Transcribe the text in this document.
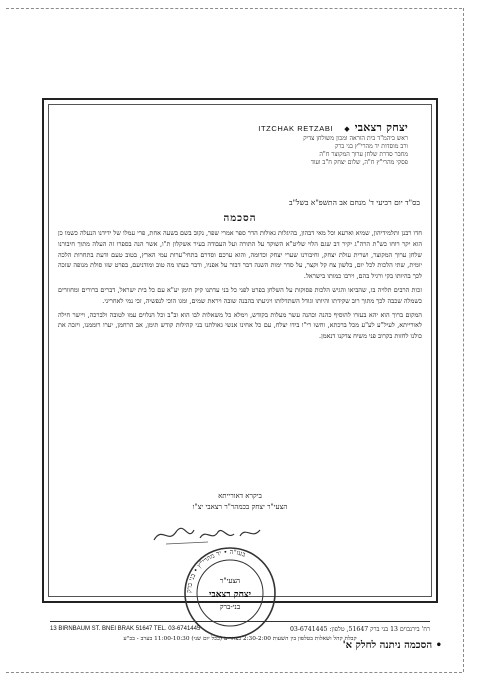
יצחק רצאבי ◆ ITZCHAK RETZABI
ראש ביהמ"ד בית הוראה ומכון משולחן צדיק
ורב מוסדות יד מהרי"ץ בני ברק
מחבר סדרת שלחן ערוך המקוצר ח"ה
פסקי מהרי"ץ ח"ה, שלום יצחק ח"ב ועוד
בס"ד יום רביעי ד' מנחם אב התשפ"א בשל"ב
הסכמה

חדו רבנן ותלמידיהון, שמיא וארעא וכל מאי דבהון, בהיגלות גאולות הדר ספר אמרי שפר, נקוב בשם בשעה אחת, פרי עמלו של ידידנו הנעלה כשמו כן הוא יקר רוחו כש"ת הרה"ג יקיר דב שגם הלוי שליט"א השוקד על התורה ועל העבודה בעיר אשקלון ת"ו, אשר הנה בספרו זה העלה מתוך חיבורנו שלחן ערוך המקוצר, ושרית עולת יצחק, וחיבורנו שערי יצחק וכדומה, והוא ערכם וסדרם בתחי"ערות עמי הארץ, בטוב טעם ודעת בתחרות הלכה יומית, שתי הלכות לכל יום, בלשון צח קל וקצר, על סדר ימות השנה דבר דבור על אפניו, ודבר בעתו מה טוב ומודניעם, בפרט שזו סולת מנופה שזכה לכך בהיותו בקי ורגיל בהם, וירבו כמותו בישראל.

זכות הרבים תלויה בו, שהביאו והגיש הלכות פסוקות על השלחן בפרט לפני כל בני עדתנו קיק תימן יע"א עם כל בית ישראל, דברים ברורים ומחוורים כשמלה שכבה לכך מתוך רוב שקידתו והיותו וגודל השתדלותו ויגיעתו בהבנה שובה ויראת שמים, ומגו הוכי לנפשיה, זכי נמי לאחריני.

המקום ברוך הוא יהא בעזרו להוסיף כהנה וכהנה עשר מעלות בקודש, וימלא כל משאלות לבו הוא וב"ב וכל הנלוים עמו לטובה ולברכה, ויישר חילה לאורייתא, לעיל"ע לע"ע מכל ברכתא, וחשו רי"ו בידו יצלח, עם כל אחינו אנשי גאולתנו בני קהילות קודש תימן, אב הרחמן, יערו רוממנו, ויזכה את כולנו לחזות בקרוב פני משיח צדקנו דנאמן.

ביקרא דאורייתא
הצעי"ר יצחק בכמהר"ר רצאבי יצ"ו
בעז"ה • יד מהרי"ץ • בני ברק
הצעי"ר
יצחק רצאבי
בני-ברק
13 BIRNBAUM ST. BNEI BRAK 51647 TEL. 03-6741445	רח' בירנבוים 13 בני ברק 51647, טלפון: 03-6741445
קבלת קהל ושאלות בטלפון בין השעות 2:30-2:00 בצהרים (בכל יום שני) 11:00-10:30 בערב - בכ"ע
• הסכמה ניתנה לחלק א'
